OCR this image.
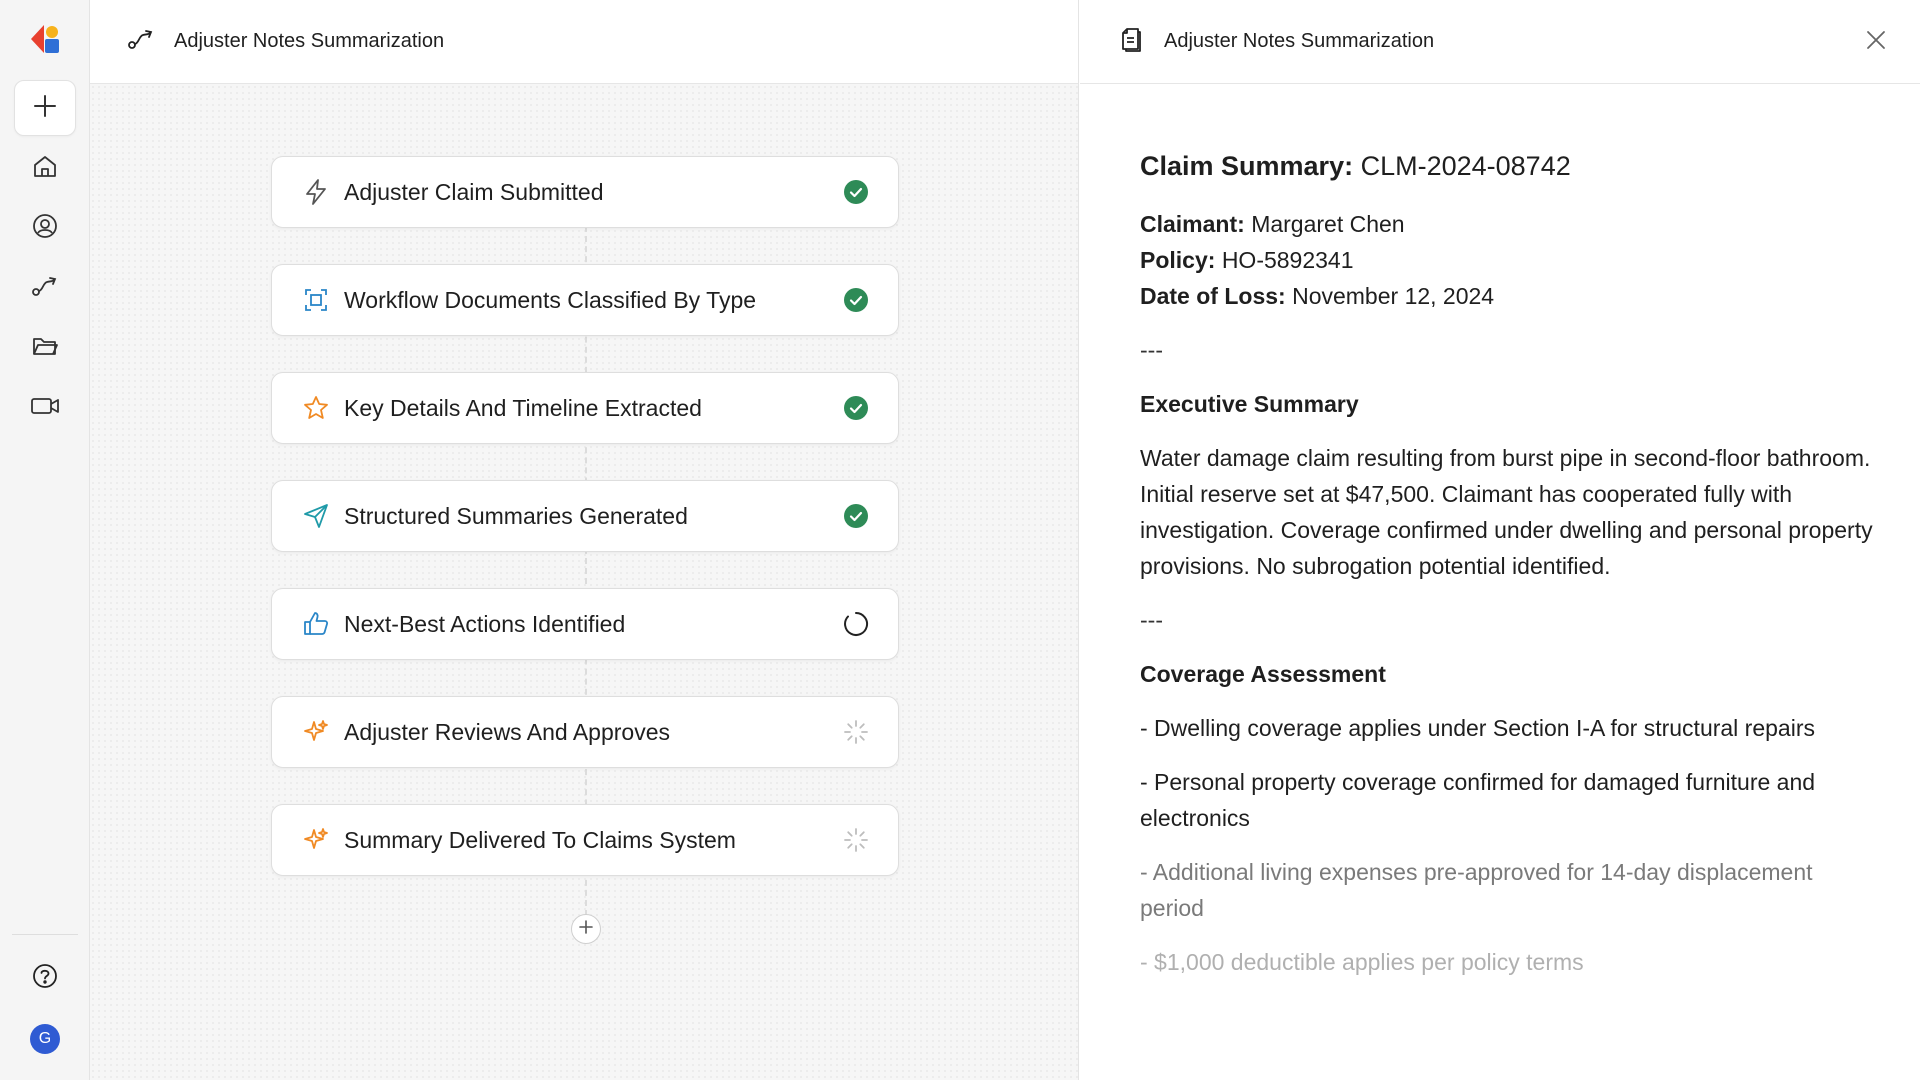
G
Adjuster Notes Summarization
Adjuster Claim Submitted
Workflow Documents Classified By Type
Key Details And Timeline Extracted
Structured Summaries Generated
Next-Best Actions Identified
Adjuster Reviews And Approves
Summary Delivered To Claims System
Adjuster Notes Summarization
Claim Summary: CLM-2024-08742
Claimant: Margaret Chen
Policy: HO-5892341
Date of Loss: November 12, 2024
---
Executive Summary
Water damage claim resulting from burst pipe in second-floor bathroom. Initial reserve set at $47,500. Claimant has cooperated fully with investigation. Coverage confirmed under dwelling and personal property provisions. No subrogation potential identified.
---
Coverage Assessment
- Dwelling coverage applies under Section I-A for structural repairs
- Personal property coverage confirmed for damaged furniture and electronics
- Additional living expenses pre-approved for 14-day displacement period
- $1,000 deductible applies per policy terms
